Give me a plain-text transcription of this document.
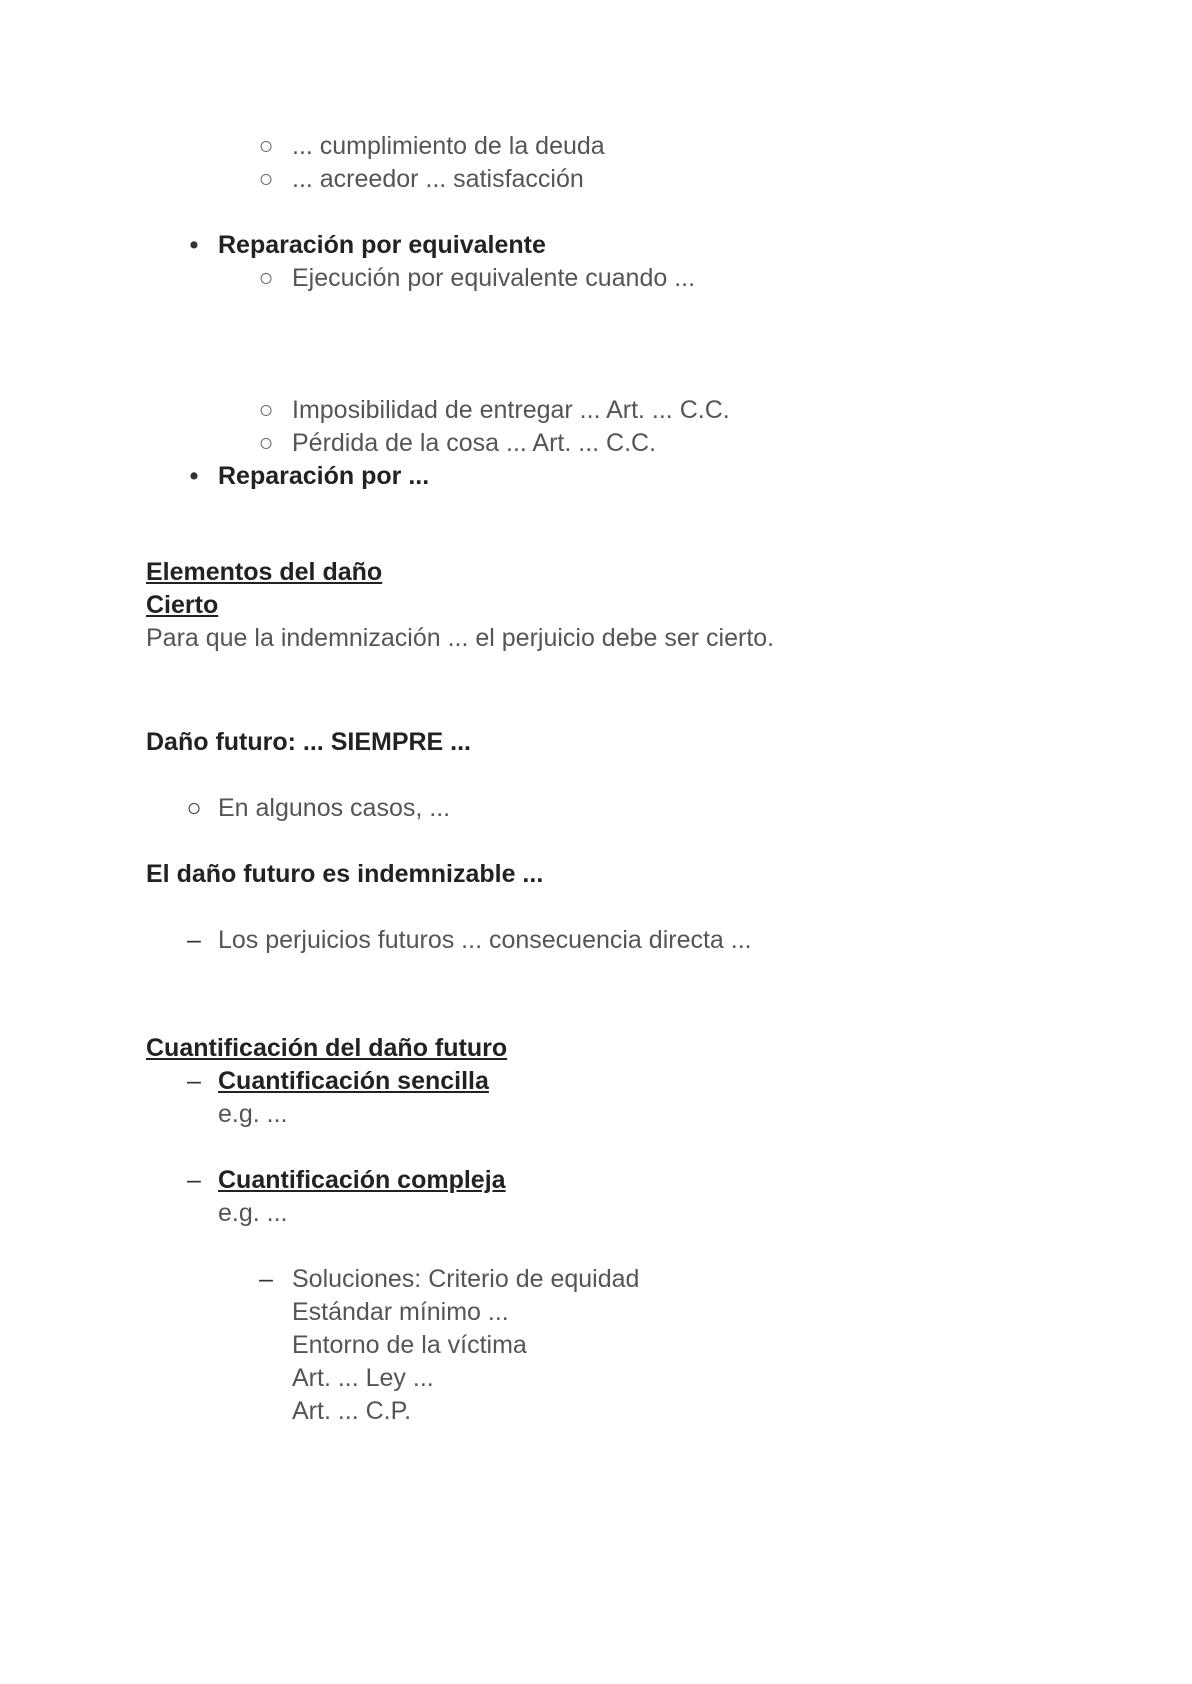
○ ... cumplimiento de la deuda
○ ... acreedor ... satisfacción
• Reparación por equivalente
○ Ejecución por equivalente cuando ...
○ Imposibilidad de entregar ... Art. ... C.C.
○ Pérdida de la cosa ... Art. ... C.C.
• Reparación por ...
Elementos del daño
Cierto
Para que la indemnización ... el perjuicio debe ser cierto.
Daño futuro: ... SIEMPRE ...
○ En algunos casos, ...
El daño futuro es indemnizable ...
– Los perjuicios futuros ... consecuencia directa ...
Cuantificación del daño futuro
– Cuantificación sencilla
e.g. ...
– Cuantificación compleja
e.g. ...
– Soluciones: Criterio de equidad
Estándar mínimo ...
Entorno de la víctima
Art. ... Ley ...
Art. ... C.P.
